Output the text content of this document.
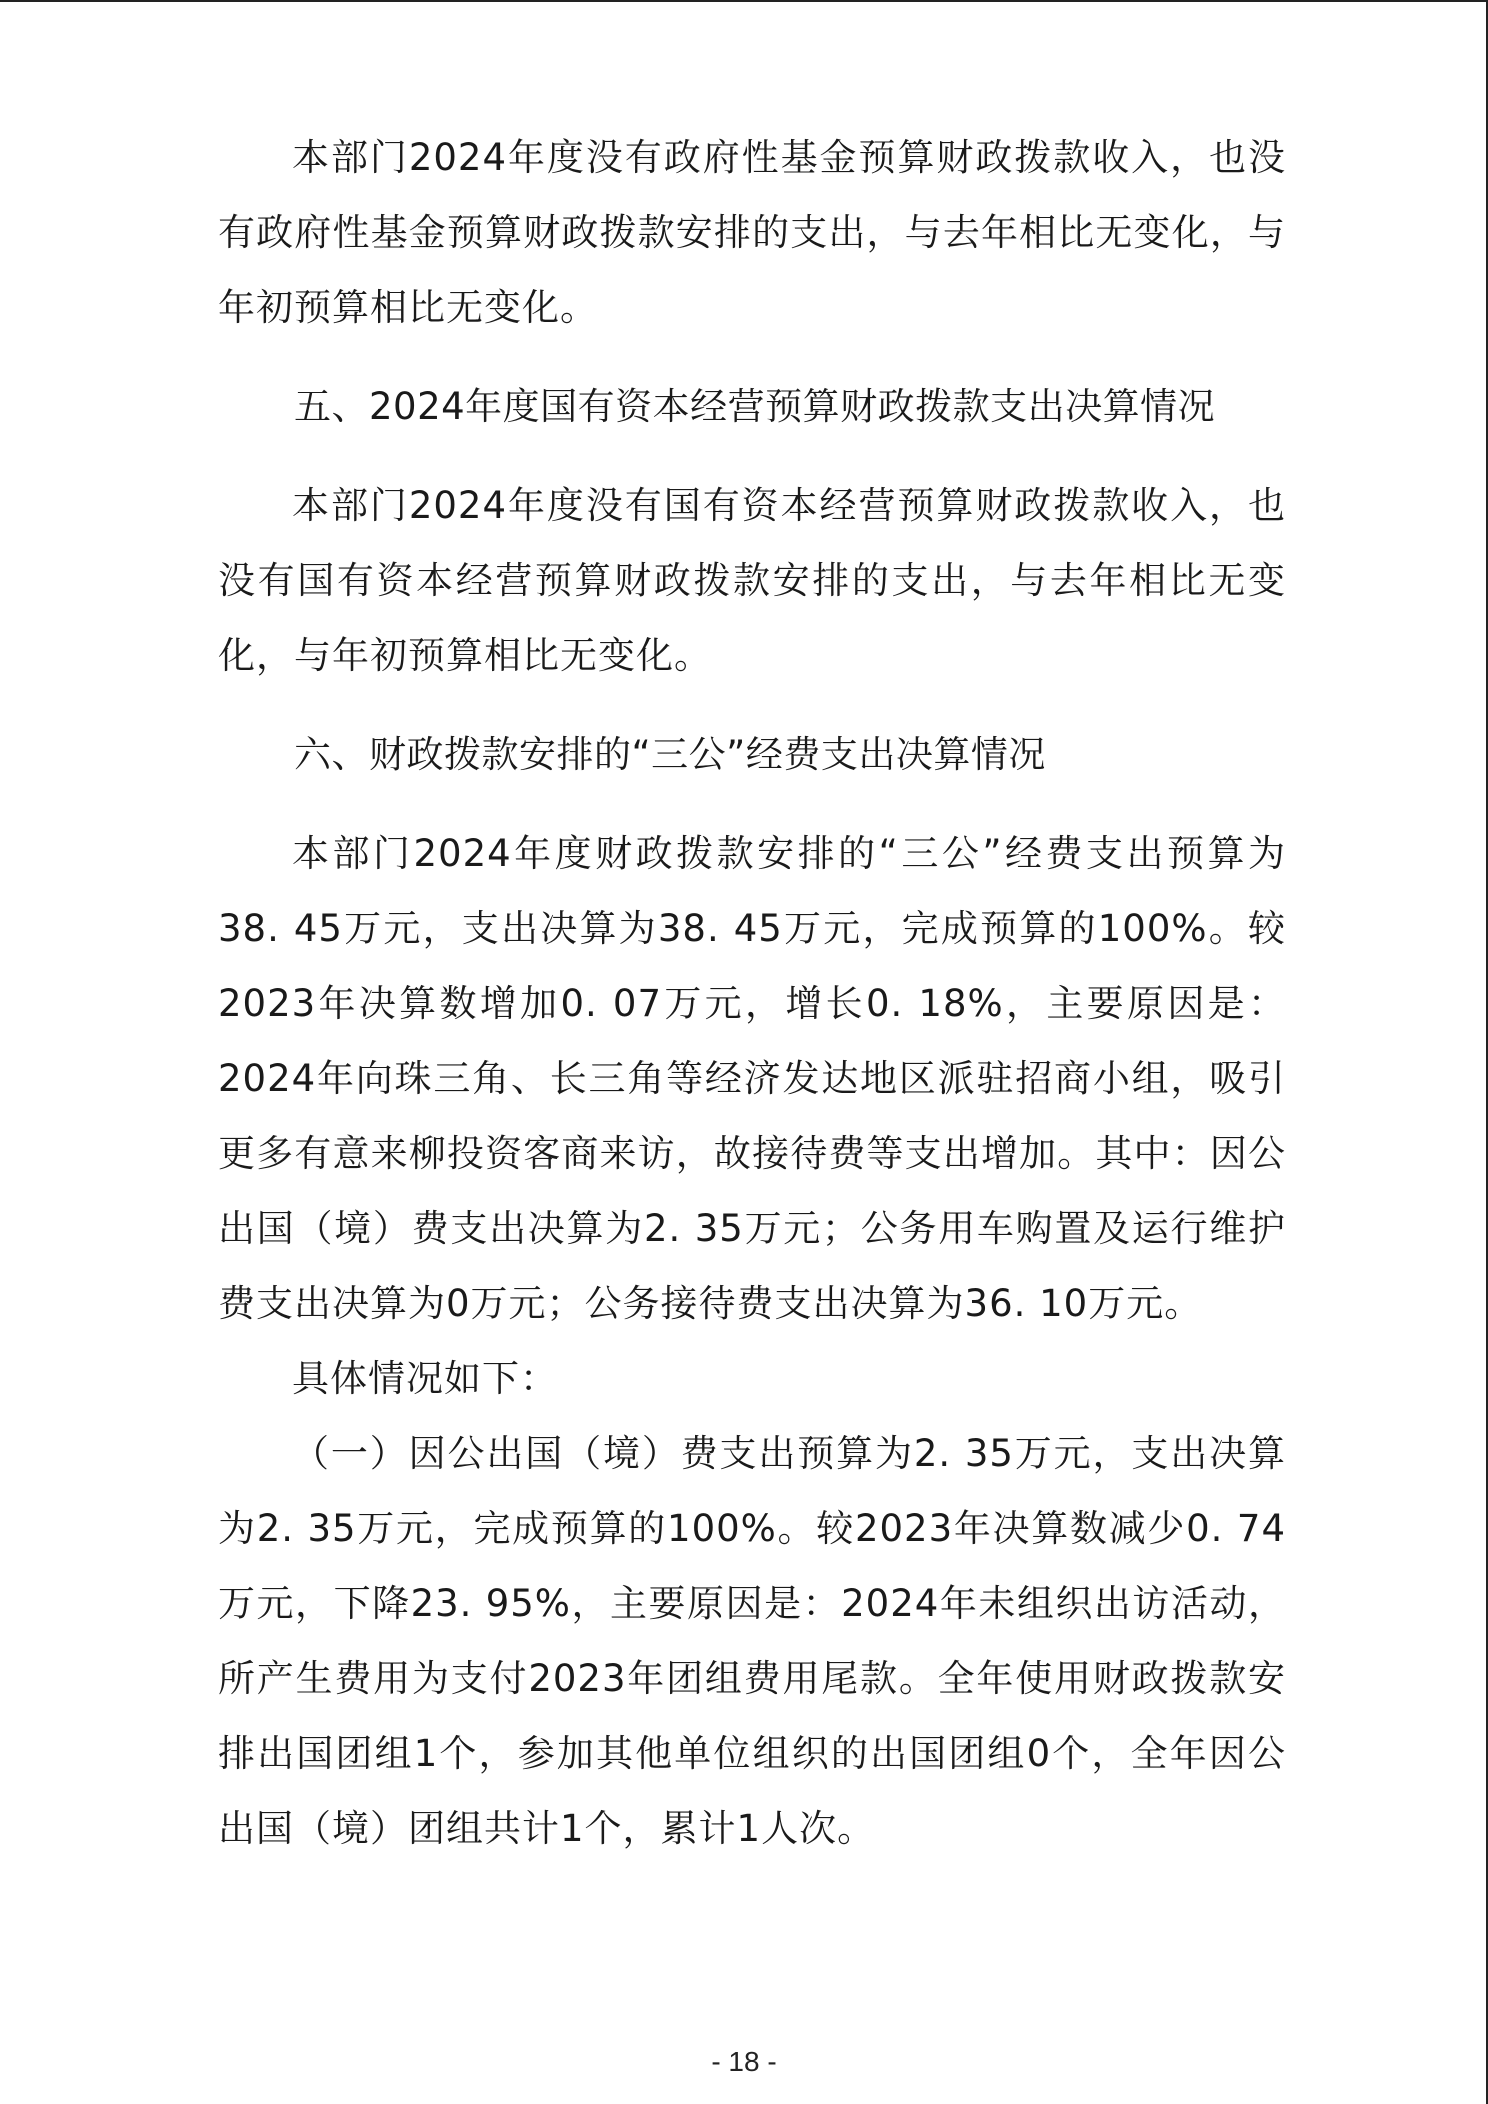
本部门2024年度没有政府性基金预算财政拨款收入，也没有政府性基金预算财政拨款安排的支出，与去年相比无变化，与年初预算相比无变化。

五、2024年度国有资本经营预算财政拨款支出决算情况

本部门2024年度没有国有资本经营预算财政拨款收入，也没有国有资本经营预算财政拨款安排的支出，与去年相比无变化，与年初预算相比无变化。

六、财政拨款安排的“三公”经费支出决算情况

本部门2024年度财政拨款安排的“三公”经费支出预算为38. 45万元，支出决算为38. 45万元，完成预算的100%。较2023年决算数增加0. 07万元，增长0. 18%，主要原因是：2024年向珠三角、长三角等经济发达地区派驻招商小组，吸引更多有意来柳投资客商来访，故接待费等支出增加。其中：因公出国（境）费支出决算为2. 35万元；公务用车购置及运行维护费支出决算为0万元；公务接待费支出决算为36. 10万元。

具体情况如下：

（一）因公出国（境）费支出预算为2. 35万元，支出决算为2. 35万元，完成预算的100%。较2023年决算数减少0. 74万元，下降23. 95%，主要原因是：2024年未组织出访活动，所产生费用为支付2023年团组费用尾款。全年使用财政拨款安排出国团组1个，参加其他单位组织的出国团组0个，全年因公出国（境）团组共计1个，累计1人次。

- 18 -
